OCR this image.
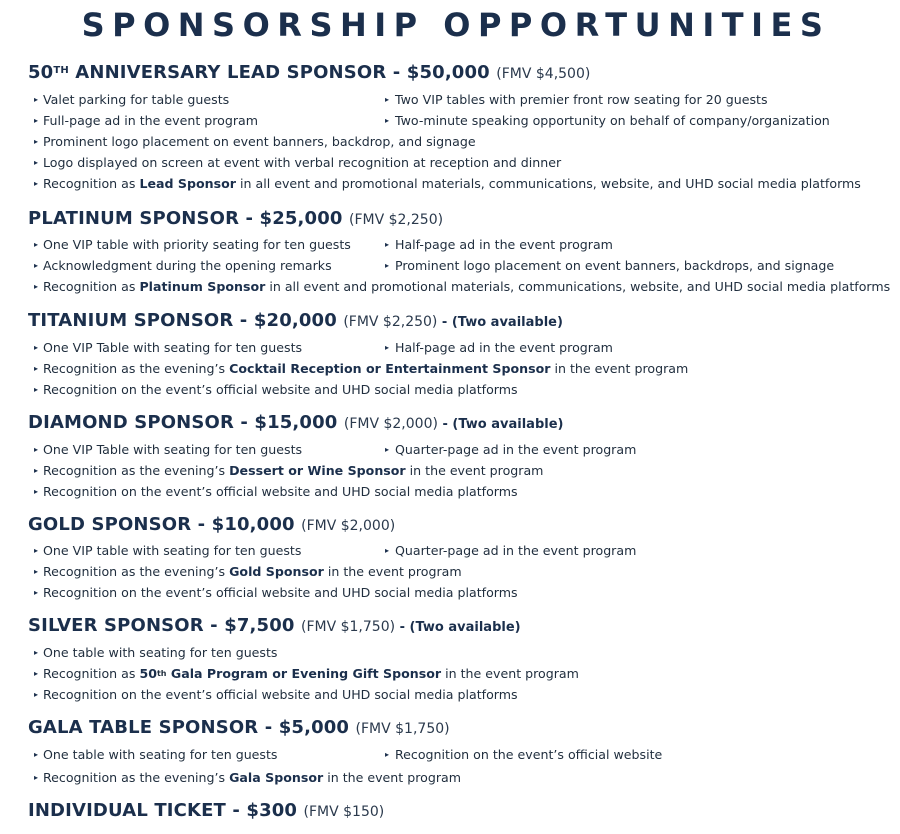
SPONSORSHIP OPPORTUNITIES
50TH ANNIVERSARY LEAD SPONSOR - $50,000 (FMV $4,500)
▸ Valet parking for table guests	▸ Two VIP tables with premier front row seating for 20 guests
▸ Full-page ad in the event program	▸ Two-minute speaking opportunity on behalf of company/organization
▸ Prominent logo placement on event banners, backdrop, and signage
▸ Logo displayed on screen at event with verbal recognition at reception and dinner
▸ Recognition as Lead Sponsor in all event and promotional materials, communications, website, and UHD social media platforms
PLATINUM SPONSOR - $25,000 (FMV $2,250)
▸ One VIP table with priority seating for ten guests	▸ Half-page ad in the event program
▸ Acknowledgment during the opening remarks	▸ Prominent logo placement on event banners, backdrops, and signage
▸ Recognition as Platinum Sponsor in all event and promotional materials, communications, website, and UHD social media platforms
TITANIUM SPONSOR - $20,000 (FMV $2,250) - (Two available)
▸ One VIP Table with seating for ten guests	▸ Half-page ad in the event program
▸ Recognition as the evening’s Cocktail Reception or Entertainment Sponsor in the event program
▸ Recognition on the event’s official website and UHD social media platforms
DIAMOND SPONSOR - $15,000 (FMV $2,000) - (Two available)
▸ One VIP Table with seating for ten guests	▸ Quarter-page ad in the event program
▸ Recognition as the evening’s Dessert or Wine Sponsor in the event program
▸ Recognition on the event’s official website and UHD social media platforms
GOLD SPONSOR - $10,000 (FMV $2,000)
▸ One VIP table with seating for ten guests	▸ Quarter-page ad in the event program
▸ Recognition as the evening’s Gold Sponsor in the event program
▸ Recognition on the event’s official website and UHD social media platforms
SILVER SPONSOR - $7,500 (FMV $1,750) - (Two available)
▸ One table with seating for ten guests
▸ Recognition as 50th Gala Program or Evening Gift Sponsor in the event program
▸ Recognition on the event’s official website and UHD social media platforms
GALA TABLE SPONSOR - $5,000 (FMV $1,750)
▸ One table with seating for ten guests	▸ Recognition on the event’s official website
▸ Recognition as the evening’s Gala Sponsor in the event program
INDIVIDUAL TICKET - $300 (FMV $150)
